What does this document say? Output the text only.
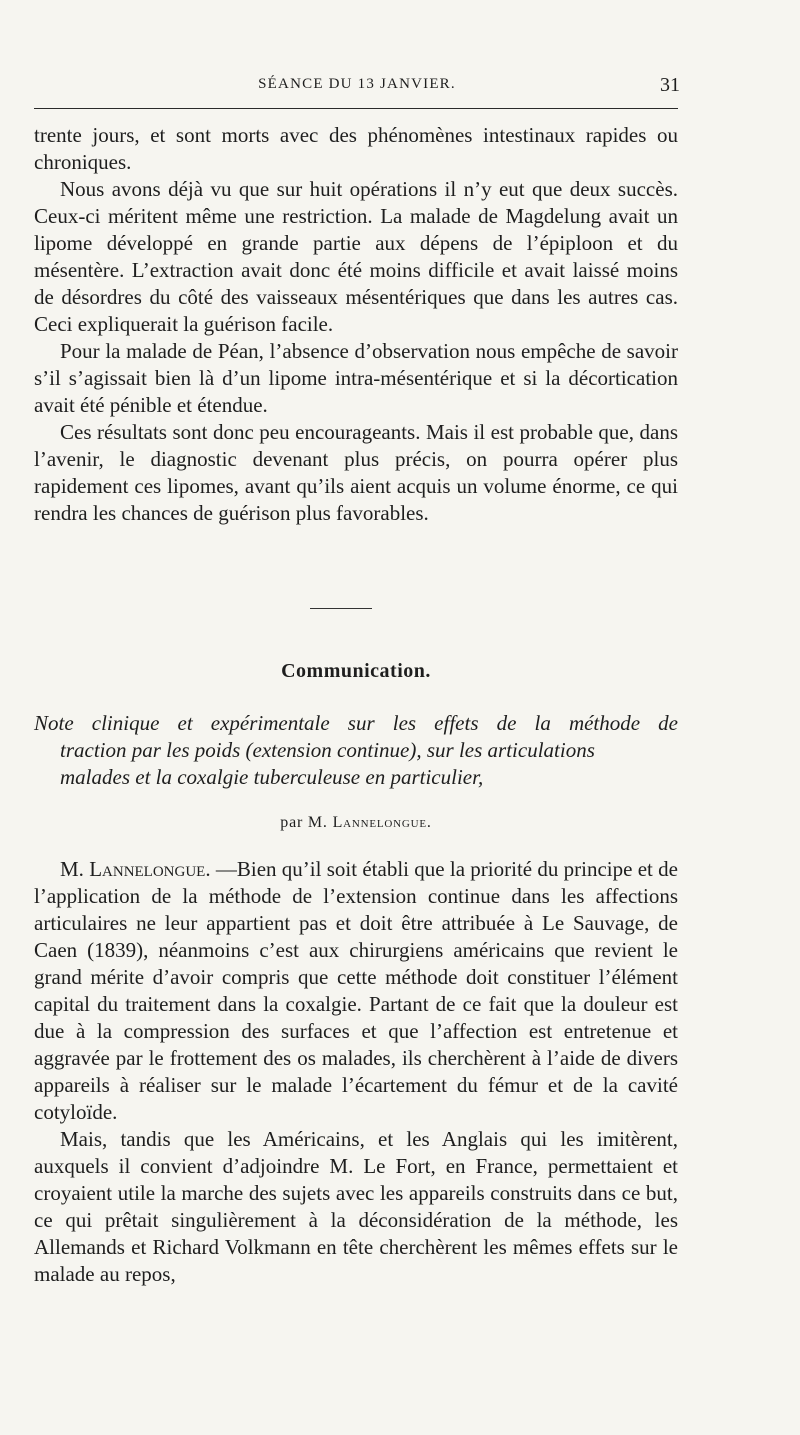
SÉANCE DU 13 JANVIER.	31

trente jours, et sont morts avec des phénomènes intestinaux rapides ou chroniques.

Nous avons déjà vu que sur huit opérations il n’y eut que deux succès. Ceux-ci méritent même une restriction. La malade de Magdelung avait un lipome développé en grande partie aux dépens de l’épiploon et du mésentère. L’extraction avait donc été moins difficile et avait laissé moins de désordres du côté des vaisseaux mésentériques que dans les autres cas. Ceci expliquerait la guérison facile.

Pour la malade de Péan, l’absence d’observation nous empêche de savoir s’il s’agissait bien là d’un lipome intra-mésentérique et si la décortication avait été pénible et étendue.

Ces résultats sont donc peu encourageants. Mais il est probable que, dans l’avenir, le diagnostic devenant plus précis, on pourra opérer plus rapidement ces lipomes, avant qu’ils aient acquis un volume énorme, ce qui rendra les chances de guérison plus favorables.

Communication.
Note clinique et expérimentale sur les effets de la méthode de
traction par les poids (extension continue), sur les articulations
malades et la coxalgie tuberculeuse en particulier,
par M. Lannelongue.

M. Lannelongue. —Bien qu’il soit établi que la priorité du principe et de l’application de la méthode de l’extension continue dans les affections articulaires ne leur appartient pas et doit être attribuée à Le Sauvage, de Caen (1839), néanmoins c’est aux chirurgiens américains que revient le grand mérite d’avoir compris que cette méthode doit constituer l’élément capital du traitement dans la coxalgie. Partant de ce fait que la douleur est due à la compression des surfaces et que l’affection est entretenue et aggravée par le frottement des os malades, ils cherchèrent à l’aide de divers appareils à réaliser sur le malade l’écartement du fémur et de la cavité cotyloïde.

Mais, tandis que les Américains, et les Anglais qui les imitèrent, auxquels il convient d’adjoindre M. Le Fort, en France, permettaient et croyaient utile la marche des sujets avec les appareils construits dans ce but, ce qui prêtait singulièrement à la déconsidération de la méthode, les Allemands et Richard Volkmann en tête cherchèrent les mêmes effets sur le malade au repos,
